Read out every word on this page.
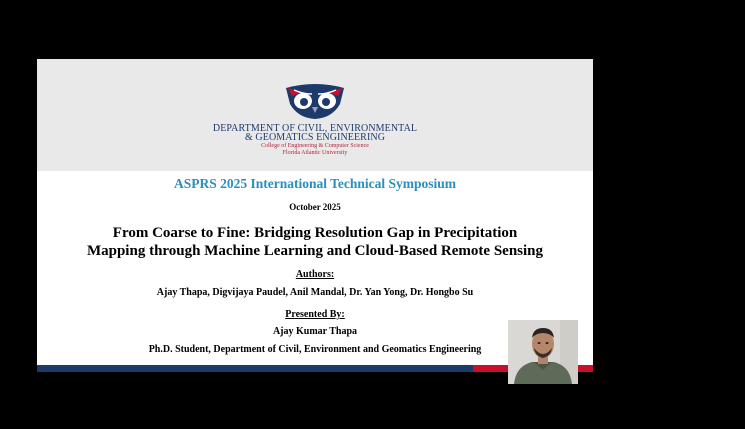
DEPARTMENT OF CIVIL, ENVIRONMENTAL
& GEOMATICS ENGINEERING
College of Engineering & Computer Science
Florida Atlantic University
ASPRS 2025 International Technical Symposium
October 2025
From Coarse to Fine: Bridging Resolution Gap in Precipitation
Mapping through Machine Learning and Cloud-Based Remote Sensing
Authors:
Ajay Thapa, Digvijaya Paudel, Anil Mandal, Dr. Yan Yong, Dr. Hongbo Su
Presented By:
Ajay Kumar Thapa
Ph.D. Student, Department of Civil, Environment and Geomatics Engineering
